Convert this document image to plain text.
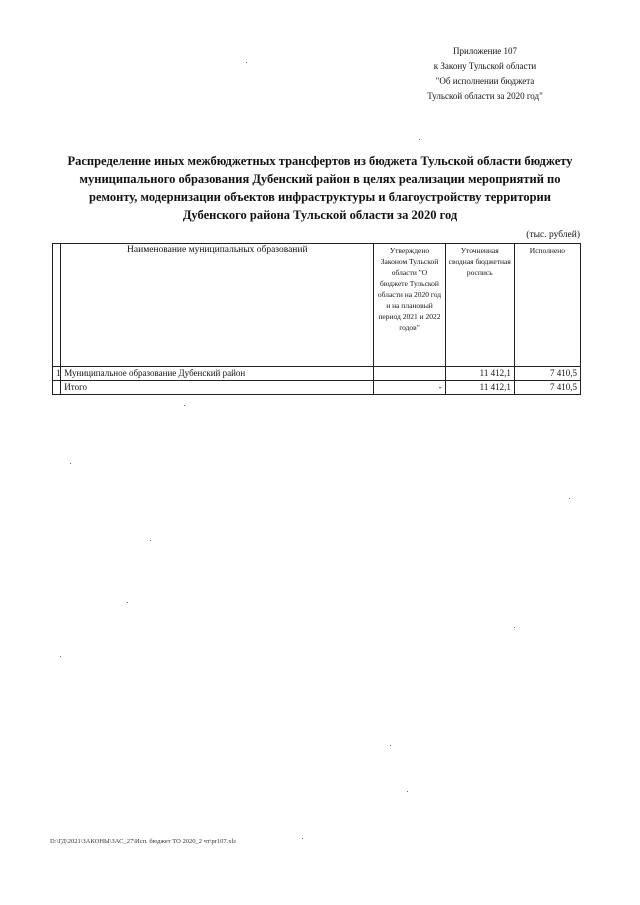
Приложение 107
к Закону Тульской области
"Об исполнении бюджета
Тульской области за 2020 год"
Распределение иных межбюджетных трансфертов из бюджета Тульской области бюджету
муниципального образования Дубенский район в целях реализации мероприятий по
ремонту, модернизации объектов инфраструктуры и благоустройству территории
Дубенского района Тульской области за 2020 год
(тыс. рублей)
	Наименование муниципальных образований	Утверждено Законом Тульской области "О бюджете Тульской области на 2020 год и на плановый период 2021 и 2022 годов"	Уточненная сводная бюджетная роспись	Исполнено
1	Муниципальное образование Дубенский район		11 412,1	7 410,5
	Итого	-	11 412,1	7 410,5
D:\ГД\2021\ЗАКОНЫ\ЗАС_27\Исп. бюджет ТО 2020_2 чт\pr107.xls
